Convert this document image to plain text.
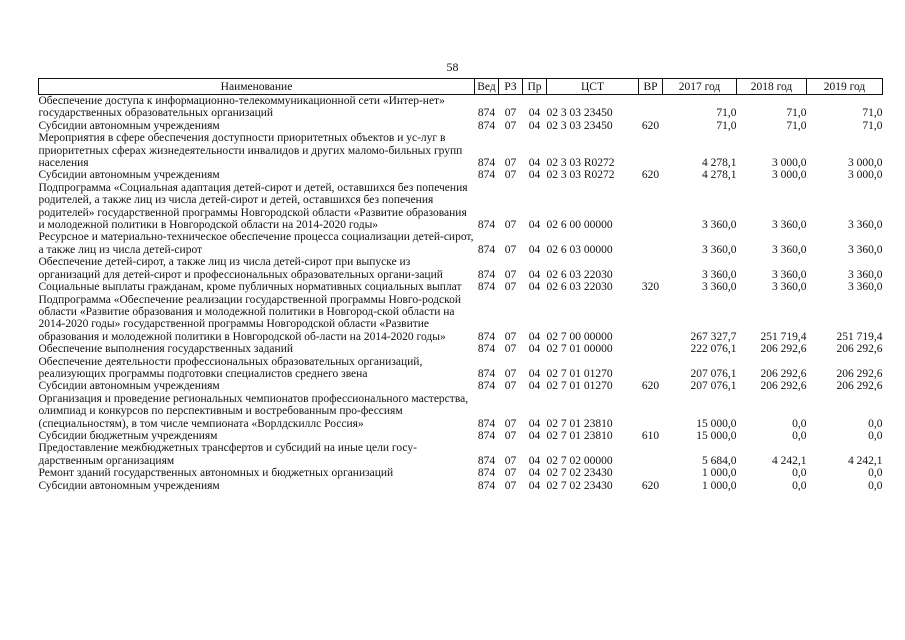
58
Наименование	Вед	РЗ	Пр	ЦСТ	ВР	2017 год	2018 год	2019 год
Обеспечение доступа к информационно-телекоммуникационной сети «Интер-нет» государственных образовательных организаций	874	07	04	02 3 03 23450		71,0	71,0	71,0
Субсидии автономным учреждениям	874	07	04	02 3 03 23450	620	71,0	71,0	71,0
Мероприятия в сфере обеспечения доступности приоритетных объектов и ус-луг в приоритетных сферах жизнедеятельности инвалидов и других маломо-бильных групп населения	874	07	04	02 3 03 R0272		4 278,1	3 000,0	3 000,0
Субсидии автономным учреждениям	874	07	04	02 3 03 R0272	620	4 278,1	3 000,0	3 000,0
Подпрограмма «Социальная адаптация детей-сирот и детей, оставшихся без попечения родителей, а также лиц из числа детей-сирот и детей, оставшихся без попечения родителей» государственной программы Новгородской области «Развитие образования и молодежной политики в Новгородской области на 2014-2020 годы»	874	07	04	02 6 00 00000		3 360,0	3 360,0	3 360,0
Ресурсное и материально-техническое обеспечение процесса социализации детей-сирот, а также лиц из числа детей-сирот	874	07	04	02 6 03 00000		3 360,0	3 360,0	3 360,0
Обеспечение детей-сирот, а также лиц из числа детей-сирот при выпуске из организаций для детей-сирот и профессиональных образовательных органи-заций	874	07	04	02 6 03 22030		3 360,0	3 360,0	3 360,0
Социальные выплаты гражданам, кроме публичных нормативных социальных выплат	874	07	04	02 6 03 22030	320	3 360,0	3 360,0	3 360,0
Подпрограмма «Обеспечение реализации государственной программы Новго-родской области «Развитие образования и молодежной политики в Новгород-ской области на 2014-2020 годы» государственной программы Новгородской области «Развитие образования и молодежной политики в Новгородской об-ласти на 2014-2020 годы»	874	07	04	02 7 00 00000		267 327,7	251 719,4	251 719,4
Обеспечение выполнения государственных заданий	874	07	04	02 7 01 00000		222 076,1	206 292,6	206 292,6
Обеспечение деятельности профессиональных образовательных организаций, реализующих программы подготовки специалистов среднего звена	874	07	04	02 7 01 01270		207 076,1	206 292,6	206 292,6
Субсидии автономным учреждениям	874	07	04	02 7 01 01270	620	207 076,1	206 292,6	206 292,6
Организация и проведение региональных чемпионатов профессионального мастерства, олимпиад и конкурсов по перспективным и востребованным про-фессиям (специальностям), в том числе чемпионата «Ворлдскиллс Россия»	874	07	04	02 7 01 23810		15 000,0	0,0	0,0
Субсидии бюджетным учреждениям	874	07	04	02 7 01 23810	610	15 000,0	0,0	0,0
Предоставление межбюджетных трансфертов и субсидий на иные цели госу-дарственным организациям	874	07	04	02 7 02 00000		5 684,0	4 242,1	4 242,1
Ремонт зданий государственных автономных и бюджетных организаций	874	07	04	02 7 02 23430		1 000,0	0,0	0,0
Субсидии автономным учреждениям	874	07	04	02 7 02 23430	620	1 000,0	0,0	0,0
